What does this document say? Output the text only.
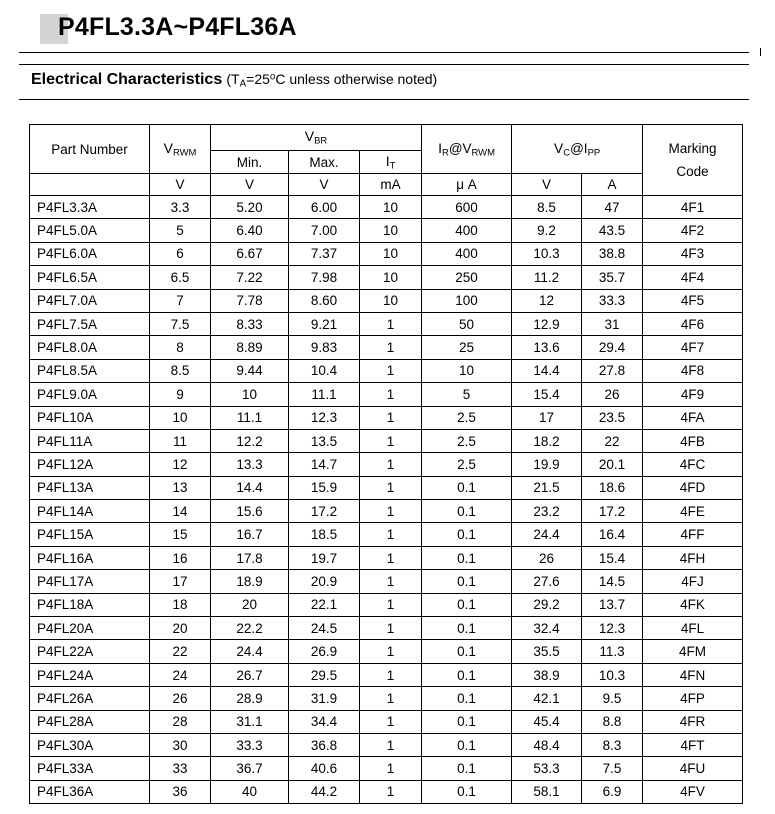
P4FL3.3A~P4FL36A
Electrical Characteristics ($T_A=25^oC$ unless otherwise noted)
Part Number	$V_{RWM}$	$V_{BR}$			$I_R@V_{RWM}$	$V_C@I_{PP}$		Marking
Code

		Min.	Max.	$I_T$
	V	V	V	mA	μ A	V	A	
P4FL3.3A	3.3	5.20	6.00	10	600	8.5	47	4F1
P4FL5.0A	5	6.40	7.00	10	400	9.2	43.5	4F2
P4FL6.0A	6	6.67	7.37	10	400	10.3	38.8	4F3
P4FL6.5A	6.5	7.22	7.98	10	250	11.2	35.7	4F4
P4FL7.0A	7	7.78	8.60	10	100	12	33.3	4F5
P4FL7.5A	7.5	8.33	9.21	1	50	12.9	31	4F6
P4FL8.0A	8	8.89	9.83	1	25	13.6	29.4	4F7
P4FL8.5A	8.5	9.44	10.4	1	10	14.4	27.8	4F8
P4FL9.0A	9	10	11.1	1	5	15.4	26	4F9
P4FL10A	10	11.1	12.3	1	2.5	17	23.5	4FA
P4FL11A	11	12.2	13.5	1	2.5	18.2	22	4FB
P4FL12A	12	13.3	14.7	1	2.5	19.9	20.1	4FC
P4FL13A	13	14.4	15.9	1	0.1	21.5	18.6	4FD
P4FL14A	14	15.6	17.2	1	0.1	23.2	17.2	4FE
P4FL15A	15	16.7	18.5	1	0.1	24.4	16.4	4FF
P4FL16A	16	17.8	19.7	1	0.1	26	15.4	4FH
P4FL17A	17	18.9	20.9	1	0.1	27.6	14.5	4FJ
P4FL18A	18	20	22.1	1	0.1	29.2	13.7	4FK
P4FL20A	20	22.2	24.5	1	0.1	32.4	12.3	4FL
P4FL22A	22	24.4	26.9	1	0.1	35.5	11.3	4FM
P4FL24A	24	26.7	29.5	1	0.1	38.9	10.3	4FN
P4FL26A	26	28.9	31.9	1	0.1	42.1	9.5	4FP
P4FL28A	28	31.1	34.4	1	0.1	45.4	8.8	4FR
P4FL30A	30	33.3	36.8	1	0.1	48.4	8.3	4FT
P4FL33A	33	36.7	40.6	1	0.1	53.3	7.5	4FU
P4FL36A	36	40	44.2	1	0.1	58.1	6.9	4FV
